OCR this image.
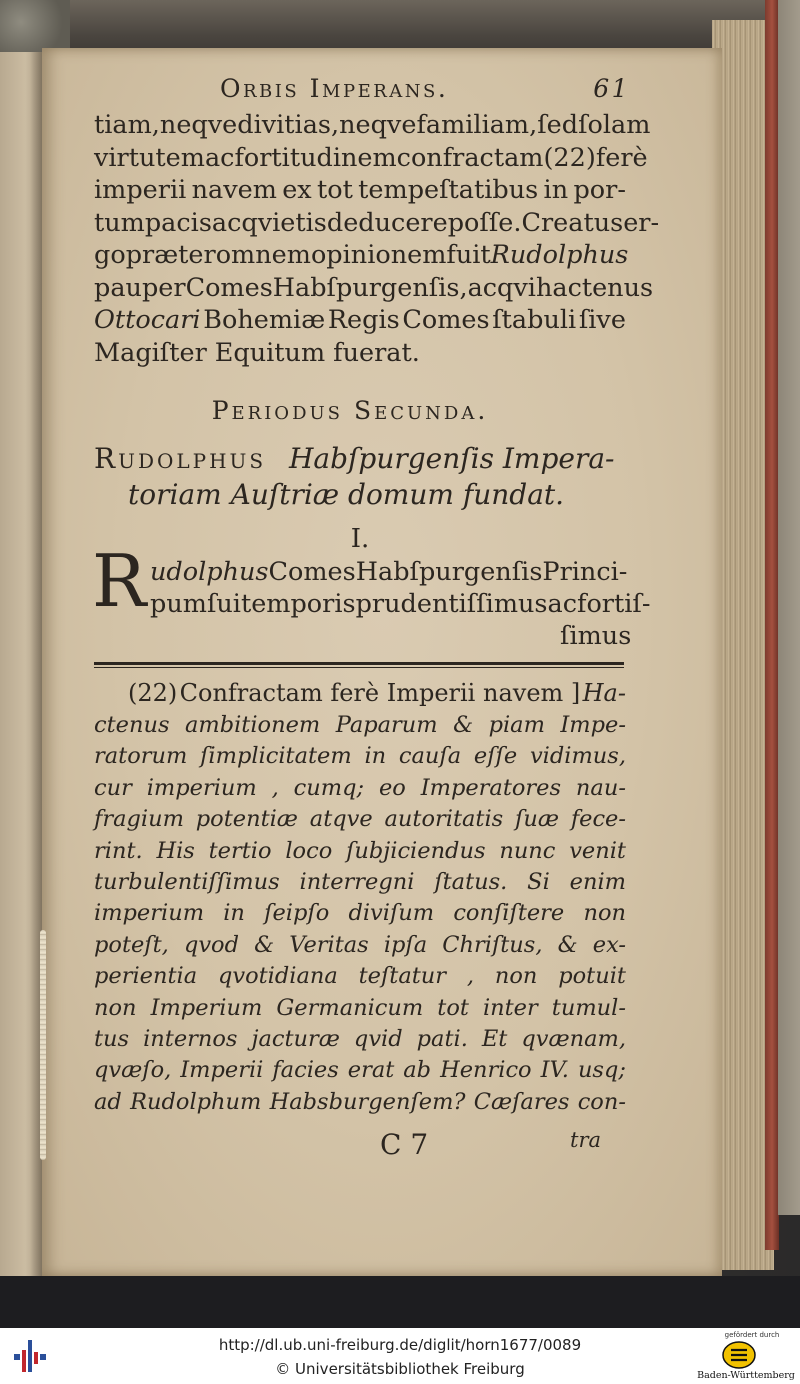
Orbis Imperans.	61
tiam, neqve divitias, neqve familiam , ſed ſolam
virtutem ac fortitudinem confractam (22) ferè
imperii navem ex tot tempeſtatibus in por-
tum pacis ac qvietis deducere poſſe. Creatus er-
go præter omnem opinionem fuit Rudolphus
pauper Comes Habſpurgenſis, ac qvi hactenus
Ottocari Bohemiæ Regis Comes ſtabuli ſive
Magiſter Equitum fuerat.
Periodus Secunda.
Rudolphus Habſpurgenſis Impera-
toriam Auſtriæ domum fundat.
I.
R udolphus Comes Habſpurgenſis Princi-
pum ſui temporis prudentiſſimus ac fortiſ-
ſimus
(22) Confractam ferè Imperii navem ] Ha-
ctenus ambitionem Paparum & piam Impe-
ratorum ſimplicitatem in cauſa eſſe vidimus,
cur imperium , cumq; eo Imperatores nau-
fragium potentiæ atqve autoritatis ſuæ fece-
rint. His tertio loco ſubjiciendus nunc venit
turbulentiſſimus interregni ſtatus. Si enim
imperium in ſeipſo diviſum conſiſtere non
poteſt, qvod & Veritas ipſa Chriſtus, & ex-
perientia qvotidiana teſtatur , non potuit
non Imperium Germanicum tot inter tumul-
tus internos jacturæ qvid pati. Et qvænam,
qvæſo, Imperii facies erat ab Henrico IV. usq;
ad Rudolphum Habsburgenſem? Cæſares con-
C 7	tra
http://dl.ub.uni-freiburg.de/diglit/horn1677/0089
© Universitätsbibliothek Freiburg
gefördert durch
Baden-Württemberg
